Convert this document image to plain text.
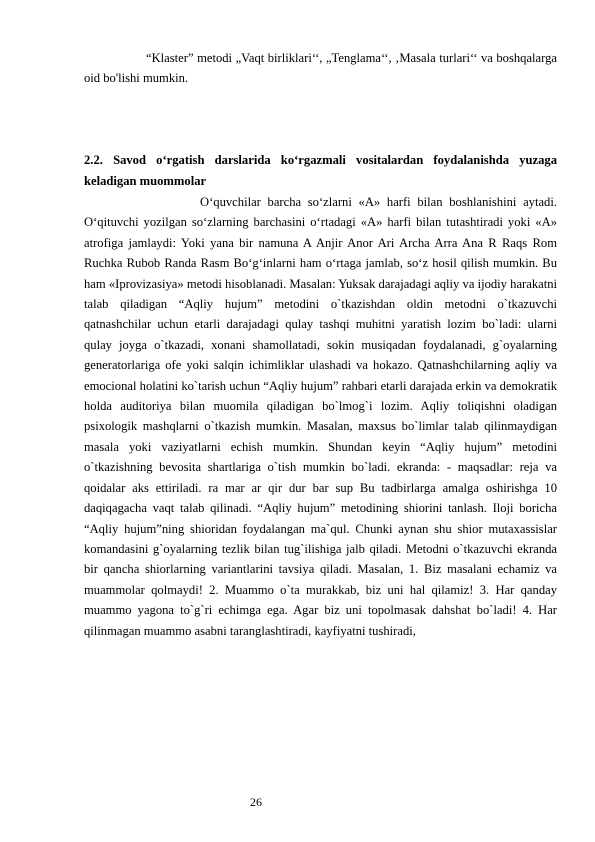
“Klaster” metodi „Vaqt birliklari‘‘, „Tenglama‘‘, ‚Masala turlari‘‘ va boshqalarga oid bo'lishi mumkin.

2.2. Savod o‘rgatish darslarida ko‘rgazmali vositalardan foydalanishda yuzaga keladigan muommolar

O‘quvchilar barcha so‘zlarni «A» harfi bilan boshlanishini aytadi. O‘qituvchi yozilgan so‘zlarning barchasini o‘rtadagi «A» harfi bilan tutashtiradi yoki «A» atrofiga jamlaydi: Yoki yana bir namuna A Anjir Anor Ari Archa Arra Ana R Raqs Rom Ruchka Rubob Randa Rasm Bo‘g‘inlarni ham o‘rtaga jamlab, so‘z hosil qilish mumkin. Bu ham «Iprovizasiya» metodi hisoblanadi. Masalan: Yuksak darajadagi aqliy va ijodiy harakatni talab qiladigan “Aqliy hujum” metodini o`tkazishdan oldin metodni o`tkazuvchi qatnashchilar uchun etarli darajadagi qulay tashqi muhitni yaratish lozim bo`ladi: ularni qulay joyga o`tkazadi, xonani shamollatadi, sokin musiqadan foydalanadi, g`oyalarning generatorlariga ofe yoki salqin ichimliklar ulashadi va hokazo. Qatnashchilarning aqliy va emocional holatini ko`tarish uchun “Aqliy hujum” rahbari etarli darajada erkin va demokratik holda auditoriya bilan muomila qiladigan bo`lmog`i lozim. Aqliy toliqishni oladigan psixologik mashqlarni o`tkazish mumkin. Masalan, maxsus bo`limlar talab qilinmaydigan masala yoki vaziyatlarni echish mumkin. Shundan keyin “Aqliy hujum” metodini o`tkazishning bevosita shartlariga o`tish mumkin bo`ladi. ekranda: - maqsadlar: reja va qoidalar aks ettiriladi. ra mar ar qir dur bar sup Bu tadbirlarga amalga oshirishga 10 daqiqagacha vaqt talab qilinadi. “Aqliy hujum” metodining shiorini tanlash. Iloji boricha “Aqliy hujum”ning shioridan foydalangan ma`qul. Chunki aynan shu shior mutaxassislar komandasini g`oyalarning tezlik bilan tug`ilishiga jalb qiladi. Metodni o`tkazuvchi ekranda bir qancha shiorlarning variantlarini tavsiya qiladi. Masalan, 1. Biz masalani echamiz va muammolar qolmaydi! 2. Muammo o`ta murakkab, biz uni hal qilamiz! 3. Har qanday muammo yagona to`g`ri echimga ega. Agar biz uni topolmasak dahshat bo`ladi! 4. Har qilinmagan muammo asabni taranglashtiradi, kayfiyatni tushiradi,

26
